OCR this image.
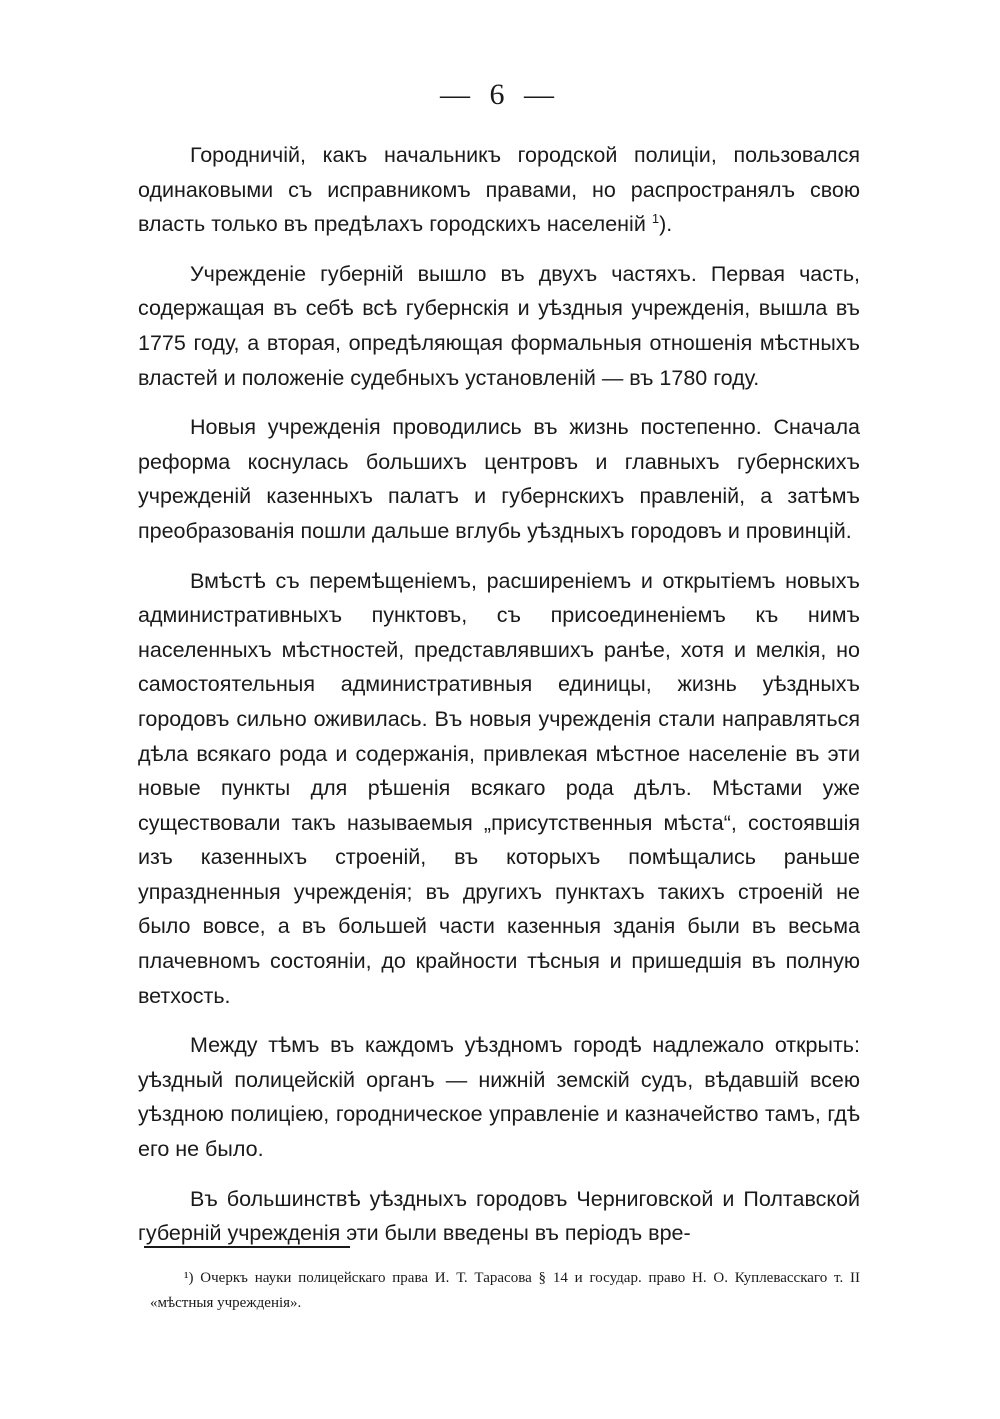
— 6 —

Городничій, какъ начальникъ городской полиціи, пользовался одинаковыми съ исправникомъ правами, но распространялъ свою власть только въ предѣлахъ городскихъ населеній $^1$).

Учрежденіе губерній вышло въ двухъ частяхъ. Первая часть, содержащая въ себѣ всѣ губернскія и уѣздныя учрежденія, вышла въ 1775 году, а вторая, опредѣляющая формальныя отношенія мѣстныхъ властей и положеніе судебныхъ установленій — въ 1780 году.

Новыя учрежденія проводились въ жизнь постепенно. Сначала реформа коснулась большихъ центровъ и главныхъ губернскихъ учрежденій казенныхъ палатъ и губернскихъ правленій, а затѣмъ преобразованія пошли дальше вглубь уѣздныхъ городовъ и провинцій.

Вмѣстѣ съ перемѣщеніемъ, расширеніемъ и открытіемъ новыхъ административныхъ пунктовъ, съ присоединеніемъ къ нимъ населенныхъ мѣстностей, представлявшихъ ранѣе, хотя и мелкія, но самостоятельныя административныя единицы, жизнь уѣздныхъ городовъ сильно оживилась. Въ новыя учрежденія стали направляться дѣла всякаго рода и содержанія, привлекая мѣстное населеніе въ эти новые пункты для рѣшенія всякаго рода дѣлъ. Мѣстами уже существовали такъ называемыя „присутственныя мѣста“, состоявшія изъ казенныхъ строеній, въ которыхъ помѣщались раньше упраздненныя учрежденія; въ другихъ пунктахъ такихъ строеній не было вовсе, а въ большей части казенныя зданія были въ весьма плачевномъ состояніи, до крайности тѣсныя и пришедшія въ полную ветхость.

Между тѣмъ въ каждомъ уѣздномъ городѣ надлежало открыть: уѣздный полицейскій органъ — нижній земскій судъ, вѣдавшій всею уѣздною полиціею, городническое управленіе и казначейство тамъ, гдѣ его не было.

Въ большинствѣ уѣздныхъ городовъ Черниговской и Полтавской губерній учрежденія эти были введены въ періодъ вре-

¹) Очеркъ науки полицейскаго права И. Т. Тарасова § 14 и государ. право Н. О. Куплевасскаго т. II «мѣстныя учрежденія».
